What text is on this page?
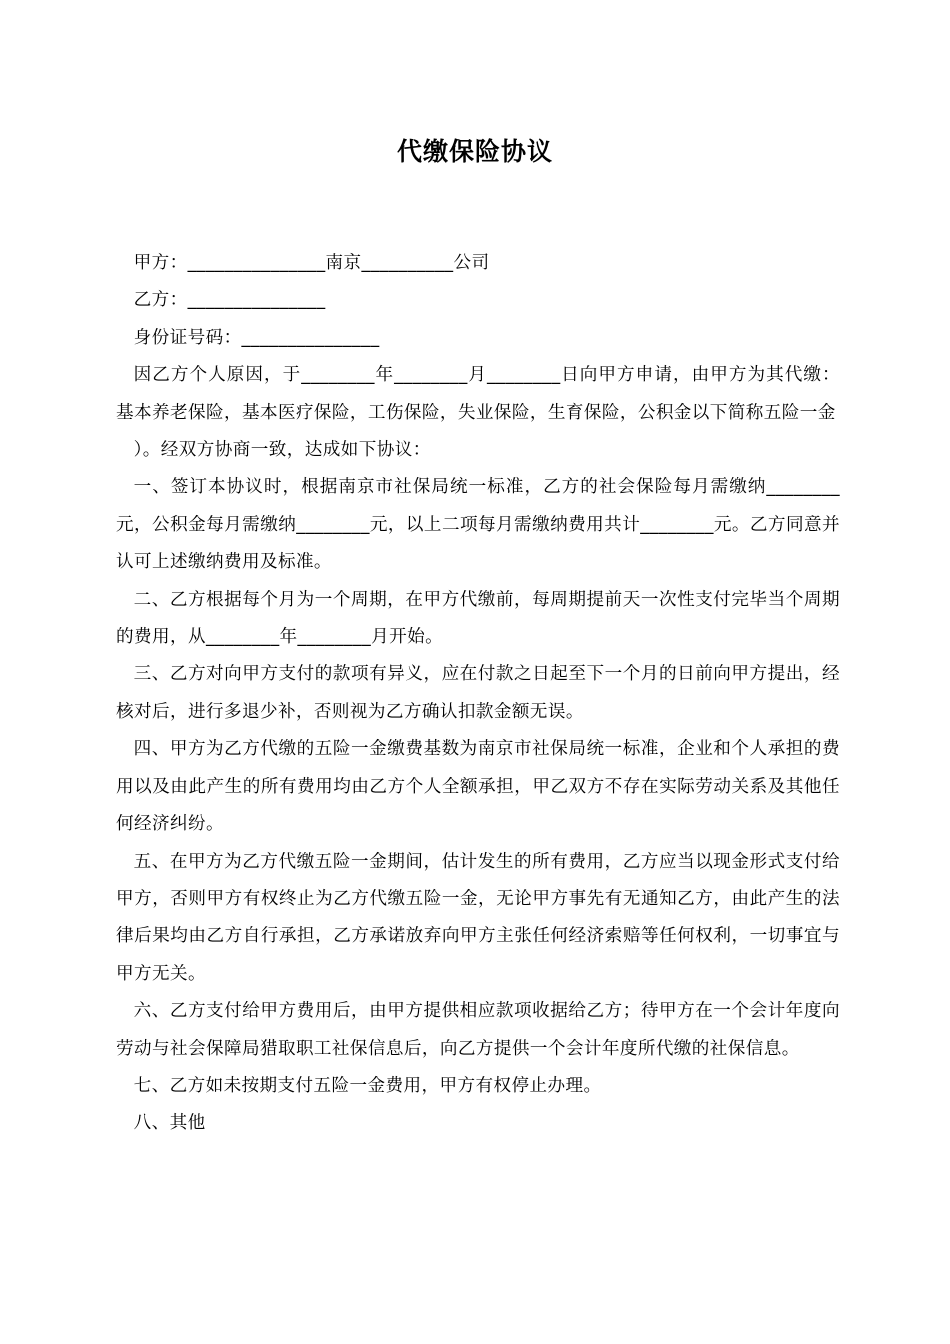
代缴保险协议

甲方：_______________南京__________公司

乙方：_______________

身份证号码：_______________

因乙方个人原因，于________年________月________日向甲方申请，由甲方为其代缴：基本养老保险，基本医疗保险，工伤保险，失业保险，生育保险，公积金以下简称五险一金

）。经双方协商一致，达成如下协议：

一、签订本协议时，根据南京市社保局统一标准，乙方的社会保险每月需缴纳________元，公积金每月需缴纳________元，以上二项每月需缴纳费用共计________元。乙方同意并认可上述缴纳费用及标准。

二、乙方根据每个月为一个周期，在甲方代缴前，每周期提前天一次性支付完毕当个周期的费用，从________年________月开始。

三、乙方对向甲方支付的款项有异义，应在付款之日起至下一个月的日前向甲方提出，经核对后，进行多退少补，否则视为乙方确认扣款金额无误。

四、甲方为乙方代缴的五险一金缴费基数为南京市社保局统一标准，企业和个人承担的费用以及由此产生的所有费用均由乙方个人全额承担，甲乙双方不存在实际劳动关系及其他任何经济纠纷。

五、在甲方为乙方代缴五险一金期间，估计发生的所有费用，乙方应当以现金形式支付给甲方，否则甲方有权终止为乙方代缴五险一金，无论甲方事先有无通知乙方，由此产生的法律后果均由乙方自行承担，乙方承诺放弃向甲方主张任何经济索赔等任何权利，一切事宜与甲方无关。

六、乙方支付给甲方费用后，由甲方提供相应款项收据给乙方；待甲方在一个会计年度向劳动与社会保障局猎取职工社保信息后，向乙方提供一个会计年度所代缴的社保信息。

七、乙方如未按期支付五险一金费用，甲方有权停止办理。

八、其他
